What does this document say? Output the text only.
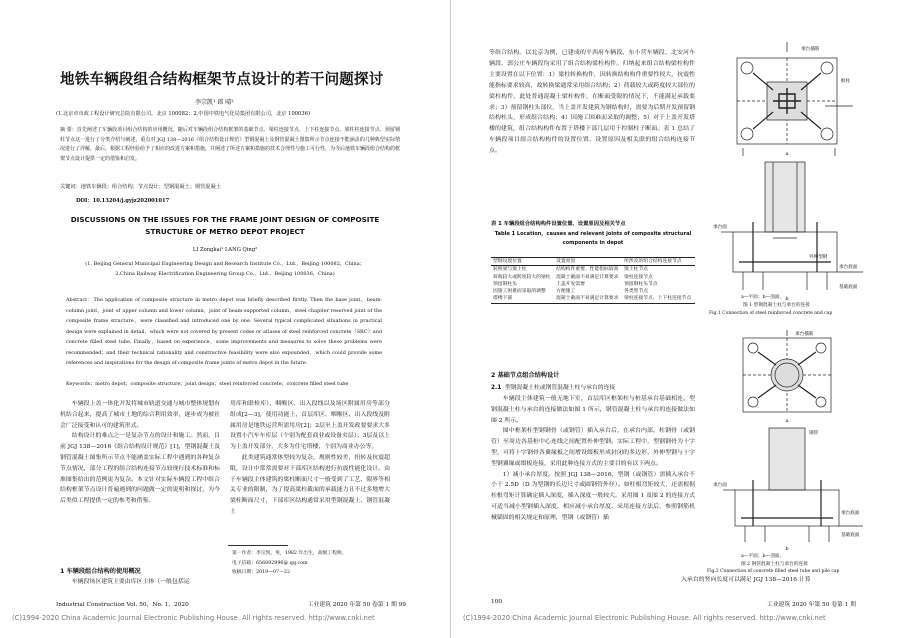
地铁车辆段组合结构框架节点设计的若干问题探讨
李宗凯¹ 郎 晴²
(1.北京市市政工程设计研究总院有限公司，北京 100082；2.中国中铁电气化局集团有限公司，北京 100036)
摘 要：首先阐述了车辆段项目组合结构的应用概况，随后对车辆段组合结构框架的基础节点、梁柱连接节点、上下柱连接节点、梁柱柱连接节点、预留钢柱节点这一进行了分类介绍与阐述，重点对 JGJ 138—2016《组合结构设计规范》型钢混凝土及钢管混凝土图集所示节点连接不能涵盖的几种典型实际情况进行了详解，最后，根据工程经验给予了相应的改进方案和措施，并阐述了所述方案和措施的技术合理性与施工可行性，为今后地铁车辆段组合结构的框架节点设计提供一定的借鉴和启发。
关键词：地铁车辆段；组合结构；节点设计；型钢混凝土；钢管混凝土
DOI：10.13204/j.gyjz202001017
DISCUSSIONS ON THE ISSUES FOR THE FRAME JOINT DESIGN OF COMPOSITE STRUCTURE OF METRO DEPOT PROJECT
LI Zongkai¹ LANG Qing²
(1. Beijing General Municipal Engineering Design and Research Institute Co.，Ltd.，Beijing 100082，China；
2.China Railway Electrification Engineering Group Co.，Ltd.，Beijing 100036，China)
Abstract：The application of composite structure in metro depot was briefly described firstly. Then the base joint，beam-column joint，joint of upper column and lower column，joint of beam-supported column，steel chapiter reserved joint of the composite frame structure，were classified and introduced one by one. Several typical complicated situations in practical design were explained in detail，which were not covered by present codes or atlases of steel reinforced concrete（SRC）and concrete filled steel tube. Finally，based on experience，some improvements and measures to solve these problems were recommended；and their technical rationality and constructive feasibility were also expounded，which could provide some references and inspirations for the design of composite frame joints of metro depot in the future.
Keywords：metro depot；composite structure；joint design；steel reinforced concrete；concrete filled steel tube

车辆段上盖一体化开发将城市轨道交通与城市整体规划有机结合起来，提高了城市土地的综合利用效率，逐步成为被社会广泛接受和认可的建筑形式。

结构设计的难点之一是复杂节点的设计和施工。然而，目前 JGJ 138—2016《组合结构设计规范》[1]，型钢混凝土及钢管混凝土图集所示节点不能涵盖实际工程中遇到的各种复杂节点情况，部分工程的组合结构连接节点较现行技术标准和标准图集给出的范例更为复杂。本文针对实际车辆段工程中组合结构框架节点设计普遍遇到的问题做一定的说明和探讨，为今后类似工程提供一定的参考和借鉴。

1 车辆段组合结构的使用概况

车辆段场区建筑主要由库区主体（一般包括运

用库和联检库）、咽喉区、出入段线以及场区附属用房等部分组成[2—3]，使用功能上，首层库区、咽喉区、出入段线及附属用房是地铁运营所需用房[2]；2层至上盖开发政要要求大多设置小汽车车库层（个别为配套商业或设备夹层）；3层及以上为上盖开发部分，大多为住宅塔楼，个别为商业办公等。

此类建筑通常体型较为复杂，规则性较差，扭转及抗震超限，设计中常常需要对下部库区结构进行抗震性能化设计。由于车辆段主体建筑的梁柱断面尺寸一般受到了工艺、限界等相关专业的限制，为了提高梁柱截面的承载能力且不过多地增大梁柱断面尺寸，下部库区结构通常采用型钢混凝土、钢管混凝土

第一作者：李宗凯，男，1982 年出生，高级工程师。
电子信箱：656892996@.qq.com
收稿日期：2019—07—22
Industrial Construction Vol. 50，No. 1，2020	工业建筑 2020 年第 50 卷第 1 期 99
(C)1994-2020 China Academic Journal Electronic Publishing House. All rights reserved. http://www.cnki.net

等组合结构。以北京为例，已建成的平西府车辆段、东小营车辆段、北安河车辆段、郭公庄车辆段均采用了组合结构梁柱构件。归纳起来组合结构梁柱构件主要设置在以下位置：1）梁柱转换构件，因转换结构构件重要性较大，抗震性能指标要求较高，故转换梁通常采用组合结构；2）荷载较大或跨度较大部位的梁柱构件，此处普通混凝土梁柱构件，在断面受限的情况下，不能满足承载要求；3）预留钢柱头部位，当上盖开发建筑为钢结构时，需要为后期开发预留钢结构柱头，形成组合结构；4）因施工困难而采取的调整；5）对于上盖开发塔楼的建筑，组合结构构件布置于塔楼下部几层用于控制柱子断面。表 1 总结了车辆段项目组合结构构件的设置位置、设置原因及相关联的组合结构连接节点。

表 1 车辆段组合结构构件设置位置、设置原因及相关节点
Table 1 Location，causes and relevant joints of composite structural components in depot
型钢设置位置	设置原因	所涉及的组合结构连接节点
转换梁与梁上柱	结构构件重要、性能指标较高	梁上柱节点
荷载较大或跨度较大的梁柱	混凝土截面不易满足计算要求	梁柱连接节点
预留钢柱头	上盖开发需要	预留钢柱头节点
因施工困难而采取的调整	方便施工	各类型节点
塔楼下部	混凝土截面不易满足计算要求	梁柱连接节点、上下柱连接节点
2 基础节点组合结构设计
2.1 型钢混凝土柱或钢管混凝土柱与承台的连接

车辆段主体建筑一般无地下室，首层库区框架柱与桩基承台基础相连，型钢混凝土柱与承台的连接做法如图 1 所示，钢管混凝土柱与承台的连接做法如图 2 所示。

图中框架柱型钢钢骨（或钢管）插入承台后，在承台内部，柱钢骨（或钢管）至周边各基桩中心连线之间配置外伸型钢。实际工程中，型钢钢骨为十字型，可将十字钢骨各翼缘板之间增设缀板形成封闭的多边形，外伸型钢与十字型钢翼缘或缀板连接，采用此种连接方式的主要目的有以下两点。

1）减小承台厚度。按照 JGJ 138—2016，型钢（或钢管）需插入承台不小于 2.5D（D 为型钢的长边尺寸或圆钢管外径）。如柱根弯矩较大，还需根据柱根弯矩计算确定插入深度，插入深度一般较大。采用图 1 及图 2 的连接方式可适当减小型钢插入深度，相应减小承台厚度。采用连接方法后，参照钢筋机械锚固的相关规定和原理，型钢（或钢管）插

入承台的竖向长度可以满足 JGJ 138—2016 计算

a
b
承台插筋
框柱
承台面
承台底面
基础底面
外伸型钢
a—平面；b—剖面。
图 1 型钢混凝土柱与承台的连接
Fig.1 Connection of steel reinforced concrete and cap
a
b
承台插筋
钢管
承台面
承台底面
基础底面
a—平面；b—剖面。
图 2 钢管混凝土柱与承台的连接
Fig.2 Connection of concrete filled steel tube and pile cap
100	工业建筑 2020 年第 50 卷第 1 期
(C)1994-2020 China Academic Journal Electronic Publishing House. All rights reserved. http://www.cnki.net
